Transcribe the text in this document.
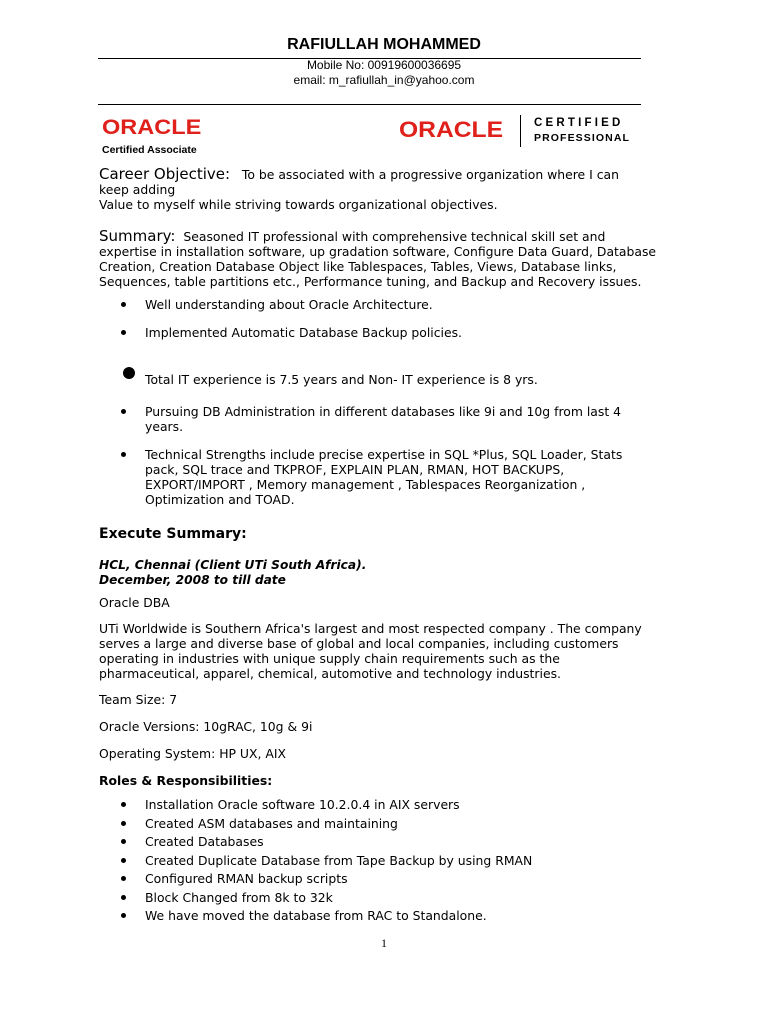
RAFIULLAH MOHAMMED
Mobile No: 00919600036695
email: m_rafiullah_in@yahoo.com
ORACLE
Certified Associate
ORACLE	CERTIFIED
PROFESSIONAL
Career Objective: To be associated with a progressive organization where I can
keep adding
Value to myself while striving towards organizational objectives.
Summary: Seasoned IT professional with comprehensive technical skill set and
expertise in installation software, up gradation software, Configure Data Guard, Database
Creation, Creation Database Object like Tablespaces, Tables, Views, Database links,
Sequences, table partitions etc., Performance tuning, and Backup and Recovery issues.
Well understanding about Oracle Architecture.
Implemented Automatic Database Backup policies.
Total IT experience is 7.5 years and Non- IT experience is 8 yrs.
Pursuing DB Administration in different databases like 9i and 10g from last 4
years.
Technical Strengths include precise expertise in SQL *Plus, SQL Loader, Stats
pack, SQL trace and TKPROF, EXPLAIN PLAN, RMAN, HOT BACKUPS,
EXPORT/IMPORT , Memory management , Tablespaces Reorganization ,
Optimization and TOAD.
Execute Summary:
HCL, Chennai (Client UTi South Africa).
December, 2008 to till date
Oracle DBA
UTi Worldwide is Southern Africa's largest and most respected company . The company
serves a large and diverse base of global and local companies, including customers
operating in industries with unique supply chain requirements such as the
pharmaceutical, apparel, chemical, automotive and technology industries.
Team Size: 7
Oracle Versions: 10gRAC, 10g & 9i
Operating System: HP UX, AIX
Roles & Responsibilities:
Installation Oracle software 10.2.0.4 in AIX servers
Created ASM databases and maintaining
Created Databases
Created Duplicate Database from Tape Backup by using RMAN
Configured RMAN backup scripts
Block Changed from 8k to 32k
We have moved the database from RAC to Standalone.
1
